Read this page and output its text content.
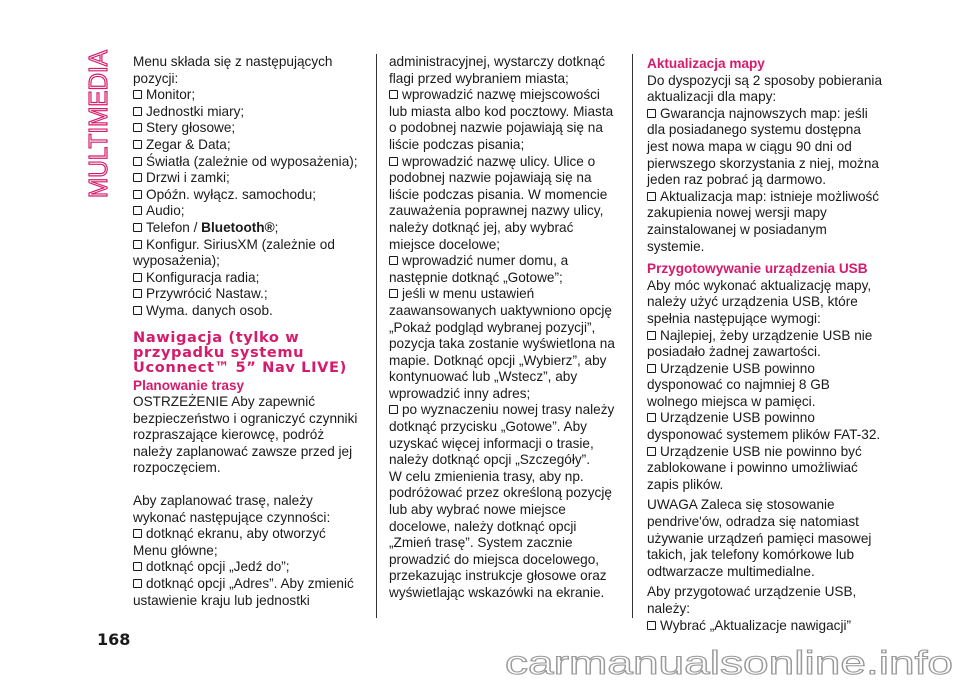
MULTIMEDIA Menu składa się z następujących pozycji:

Monitor;
Jednostki miary;
Stery głosowe;
Zegar & Data;
Światła (zależnie od wyposażenia);
Drzwi i zamki;
Opóźn. wyłącz. samochodu;
Audio;
Telefon / Bluetooth®;
Konfigur. SiriusXM (zależnie od wyposażenia);
Konfiguracja radia;
Przywrócić Nastaw.;
Wyma. danych osob.

Nawigacja (tylko w przypadku systemu Uconnect™ 5” Nav LIVE)

Planowanie trasy

OSTRZEŻENIE Aby zapewnić bezpieczeństwo i ograniczyć czynniki rozpraszające kierowcę, podróż należy zaplanować zawsze przed jej rozpoczęciem.

Aby zaplanować trasę, należy wykonać następujące czynności:

dotknąć ekranu, aby otworzyć Menu główne;
dotknąć opcji „Jedź do”;
dotknąć opcji „Adres”. Aby zmienić ustawienie kraju lub jednostki

administracyjnej, wystarczy dotknąć flagi przed wybraniem miasta;

wprowadzić nazwę miejscowości lub miasta albo kod pocztowy. Miasta o podobnej nazwie pojawiają się na liście podczas pisania;
wprowadzić nazwę ulicy. Ulice o podobnej nazwie pojawiają się na liście podczas pisania. W momencie zauważenia poprawnej nazwy ulicy, należy dotknąć jej, aby wybrać miejsce docelowe;
wprowadzić numer domu, a następnie dotknąć „Gotowe”;
jeśli w menu ustawień zaawansowanych uaktywniono opcję „Pokaż podgląd wybranej pozycji”, pozycja taka zostanie wyświetlona na mapie. Dotknąć opcji „Wybierz”, aby kontynuować lub „Wstecz”, aby wprowadzić inny adres;
po wyznaczeniu nowej trasy należy dotknąć przycisku „Gotowe”. Aby uzyskać więcej informacji o trasie, należy dotknąć opcji „Szczegóły”.

W celu zmienienia trasy, aby np. podróżować przez określoną pozycję lub aby wybrać nowe miejsce docelowe, należy dotknąć opcji „Zmień trasę”. System zacznie prowadzić do miejsca docelowego, przekazując instrukcje głosowe oraz wyświetlając wskazówki na ekranie.

Aktualizacja mapy

Do dyspozycji są 2 sposoby pobierania aktualizacji dla mapy:

Gwarancja najnowszych map: jeśli dla posiadanego systemu dostępna jest nowa mapa w ciągu 90 dni od pierwszego skorzystania z niej, można jeden raz pobrać ją darmowo.
Aktualizacja map: istnieje możliwość zakupienia nowej wersji mapy zainstalowanej w posiadanym systemie.

Przygotowywanie urządzenia USB

Aby móc wykonać aktualizację mapy, należy użyć urządzenia USB, które spełnia następujące wymogi:

Najlepiej, żeby urządzenie USB nie posiadało żadnej zawartości.
Urządzenie USB powinno dysponować co najmniej 8 GB wolnego miejsca w pamięci.
Urządzenie USB powinno dysponować systemem plików FAT-32.
Urządzenie USB nie powinno być zablokowane i powinno umożliwiać zapis plików.

UWAGA Zaleca się stosowanie pendrive'ów, odradza się natomiast używanie urządzeń pamięci masowej takich, jak telefony komórkowe lub odtwarzacze multimedialne.

Aby przygotować urządzenie USB, należy:

Wybrać „Aktualizacje nawigacji”
168
carmanualsonline.info
